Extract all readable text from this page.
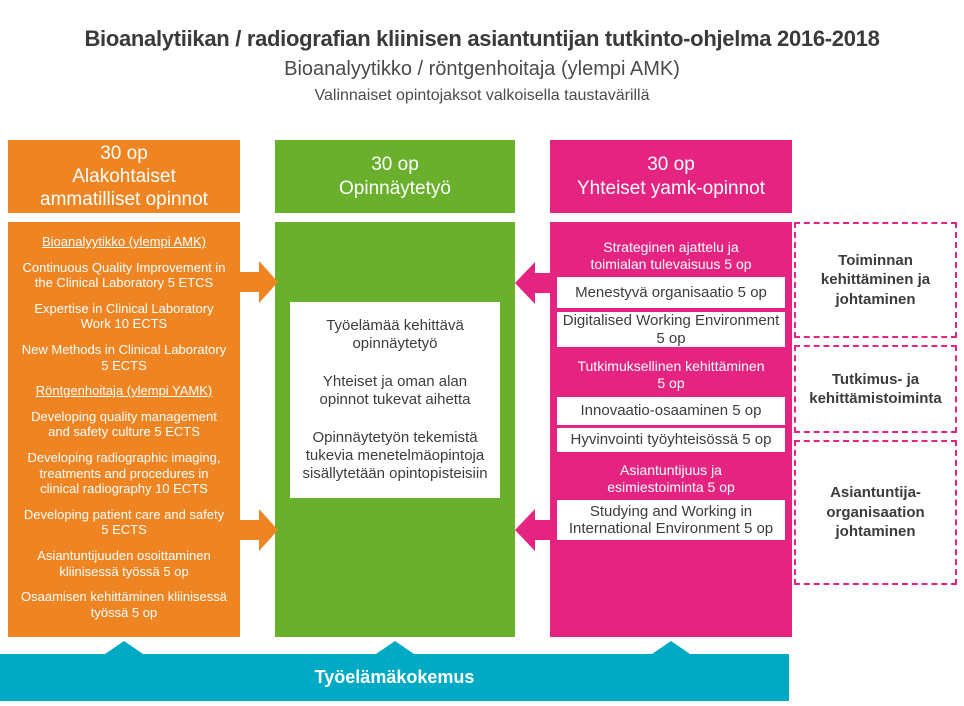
Bioanalytiikan / radiografian kliinisen asiantuntijan tutkinto-ohjelma 2016-2018
Bioanalyytikko / röntgenhoitaja (ylempi AMK)
Valinnaiset opintojaksot valkoisella taustavärillä
30 op
Alakohtaiset
ammatilliset opinnot
Bioanalyytikko (ylempi AMK)
Continuous Quality Improvement in the Clinical Laboratory 5 ETCS
Expertise in Clinical Laboratory Work 10 ECTS
New Methods in Clinical Laboratory 5 ECTS
Röntgenhoitaja (ylempi YAMK)
Developing quality management and safety culture 5 ECTS
Developing radiographic imaging, treatments and procedures in clinical radiography 10 ECTS
Developing patient care and safety 5 ECTS
Asiantuntijuuden osoittaminen kliinisessä työssä 5 op
Osaamisen kehittäminen kliinisessä työssä 5 op
30 op
Opinnäytetyö
Työelämää kehittävä opinnäytetyö
Yhteiset ja oman alan opinnot tukevat aihetta
Opinnäytetyön tekemistä tukevia menetelmäopintoja sisällytetään opintopisteisiin
30 op
Yhteiset yamk-opinnot
Strateginen ajattelu ja toimialan tulevaisuus 5 op
Menestyvä organisaatio 5 op
Digitalised Working Environment 5 op
Tutkimuksellinen kehittäminen 5 op
Innovaatio-osaaminen 5 op
Hyvinvointi työyhteisössä 5 op
Asiantuntijuus ja esimiestoiminta 5 op
Studying and Working in International Environment 5 op
Toiminnan kehittäminen ja johtaminen
Tutkimus- ja kehittämistoiminta
Asiantuntija-organisaation johtaminen
Työelämäkokemus
